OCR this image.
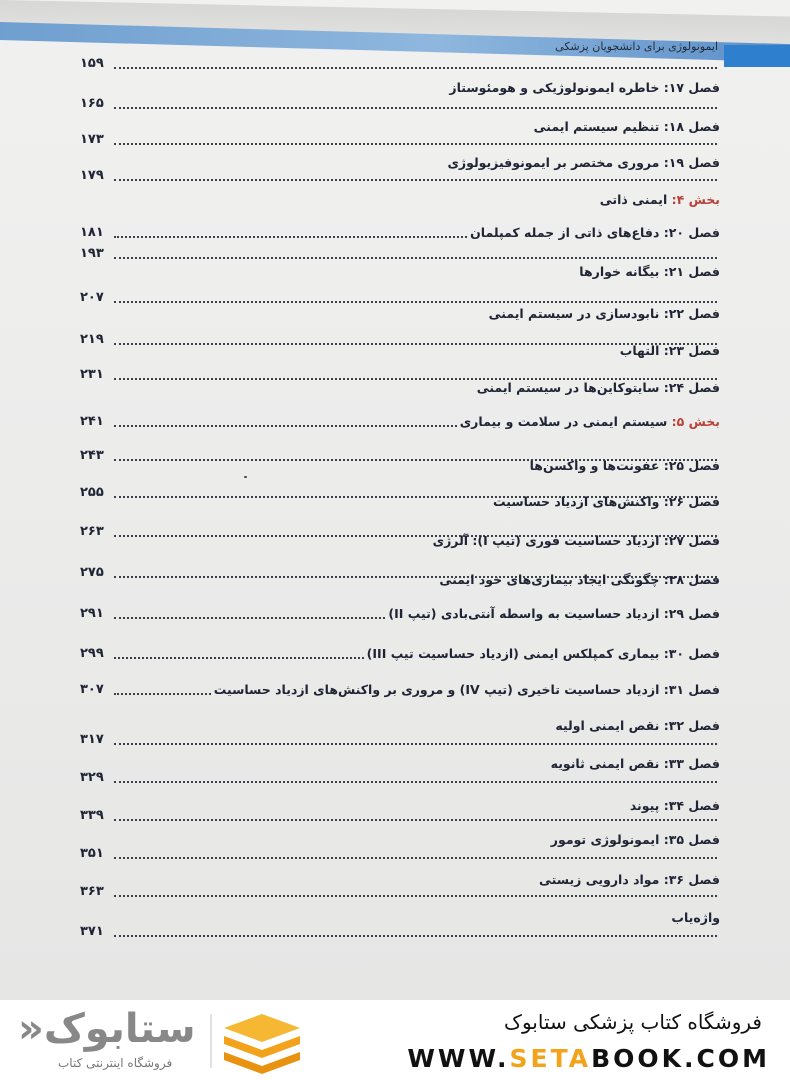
ایمونولوژی برای دانشجویان پزشکی
۱۵۹
فصل ۱۷: خاطره ایمونولوژیکی و هومئوستاز
۱۶۵
فصل ۱۸: تنظیم سیستم ایمنی
۱۷۳
فصل ۱۹: مروری مختصر بر ایمونوفیزیولوژی
۱۷۹
بخش ۴: ایمنی ذاتی
فصل ۲۰: دفاع‌های ذاتی از جمله کمپلمان
۱۸۱
۱۹۳
فصل ۲۱: بیگانه خوارها
۲۰۷
فصل ۲۲: نابودسازی در سیستم ایمنی
۲۱۹
فصل ۲۳: التهاب
۲۳۱
فصل ۲۴: سایتوکاین‌ها در سیستم ایمنی
بخش ۵: سیستم ایمنی در سلامت و بیماری
۲۴۱
۲۴۳
فصل ۲۵: عفونت‌ها و واکسن‌ها
۲۵۵
فصل ۲۶: واکنش‌های ازدیاد حساسیت
۲۶۳
فصل ۲۷: ازدیاد حساسیت فوری (تیپ I): آلرژی
۲۷۵	فصل ۲۸: چگونگی ایجاد بیماری‌های خود ایمنی
فصل ۲۹: ازدیاد حساسیت به واسطه آنتی‌بادی (تیپ II)
۲۹۱
فصل ۳۰: بیماری کمپلکس ایمنی (ازدیاد حساسیت تیپ III)
۲۹۹
فصل ۳۱: ازدیاد حساسیت تاخیری (تیپ IV) و مروری بر واکنش‌های ازدیاد حساسیت
۳۰۷
فصل ۳۲: نقص ایمنی اولیه
۳۱۷
فصل ۳۳: نقص ایمنی ثانویه
۳۲۹
فصل ۳۴: پیوند
۳۳۹
فصل ۳۵: ایمونولوژی تومور
۳۵۱
فصل ۳۶: مواد دارویی زیستی
۳۶۳
واژه‌یاب
۳۷۱
ستابوک«
فروشگاه اینترنتی کتاب
فروشگاه کتاب پزشکی ستابوک
WWW.SETABOOK.COM
